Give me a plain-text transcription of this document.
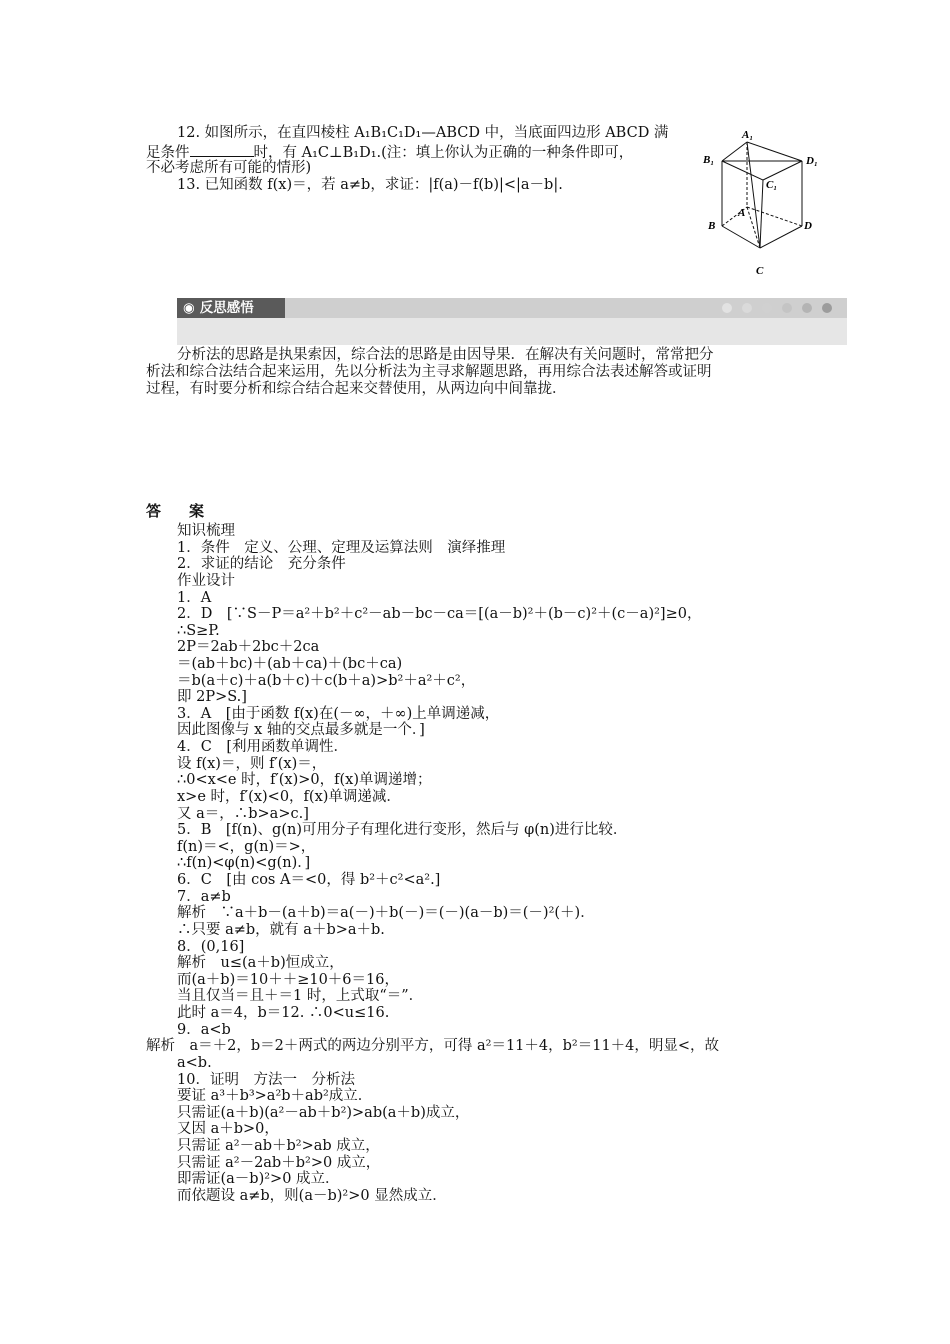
12. 如图所示，在直四棱柱 A₁B₁C₁D₁—ABCD 中，当底面四边形 ABCD 满
足条件	时，有 A₁C⊥B₁D₁.(注：填上你认为正确的一种条件即可，
不必考虑所有可能的情形)
13. 已知函数 f(x)＝，若 a≠b，求证：|f(a)－f(b)|<|a－b|.
A₁
B₁
C₁
D₁
A
B
C
D
◉ 反思感悟
分析法的思路是执果索因，综合法的思路是由因导果．在解决有关问题时，常常把分
析法和综合法结合起来运用，先以分析法为主寻求解题思路，再用综合法表述解答或证明
过程，有时要分析和综合结合起来交替使用，从两边向中间靠拢．
答案
知识梳理
1．条件　定义、公理、定理及运算法则　演绎推理
2．求证的结论　充分条件
作业设计
1．A
2．D　[∵S－P＝a²＋b²＋c²－ab－bc－ca＝[(a－b)²＋(b－c)²＋(c－a)²]≥0，
∴S≥P.
2P＝2ab＋2bc＋2ca
＝(ab＋bc)＋(ab＋ca)＋(bc＋ca)
＝b(a＋c)＋a(b＋c)＋c(b＋a)>b²＋a²＋c²，
即 2P>S.]
3．A　[由于函数 f(x)在(－∞，＋∞)上单调递减，
因此图像与 x 轴的交点最多就是一个．]
4．C　[利用函数单调性．
设 f(x)＝，则 f′(x)＝，
∴0<x<e 时，f′(x)>0，f(x)单调递增；
x>e 时，f′(x)<0，f(x)单调递减．
又 a＝，∴b>a>c.]
5．B　[f(n)、g(n)可用分子有理化进行变形，然后与 φ(n)进行比较．
f(n)＝<，g(n)＝>，
∴f(n)<φ(n)<g(n)．]
6．C　[由 cos A＝<0，得 b²＋c²<a².]
7．a≠b
解析　∵a＋b－(a＋b)＝a(－)＋b(－)＝(－)(a－b)＝(－)²(＋)．
∴只要 a≠b，就有 a＋b>a＋b.
8．(0,16]
解析　u≤(a＋b)恒成立，
而(a＋b)＝10＋＋≥10＋6＝16，
当且仅当＝且＋＝1 时，上式取“＝”．
此时 a＝4，b＝12. ∴0<u≤16.
9．a<b
解析　a＝＋2，b＝2＋两式的两边分别平方，可得 a²＝11＋4，b²＝11＋4，明显<，故
a<b.
10．证明　方法一　分析法
要证 a³＋b³>a²b＋ab²成立．
只需证(a＋b)(a²－ab＋b²)>ab(a＋b)成立，
又因 a＋b>0，
只需证 a²－ab＋b²>ab 成立，
只需证 a²－2ab＋b²>0 成立，
即需证(a－b)²>0 成立．
而依题设 a≠b，则(a－b)²>0 显然成立．
